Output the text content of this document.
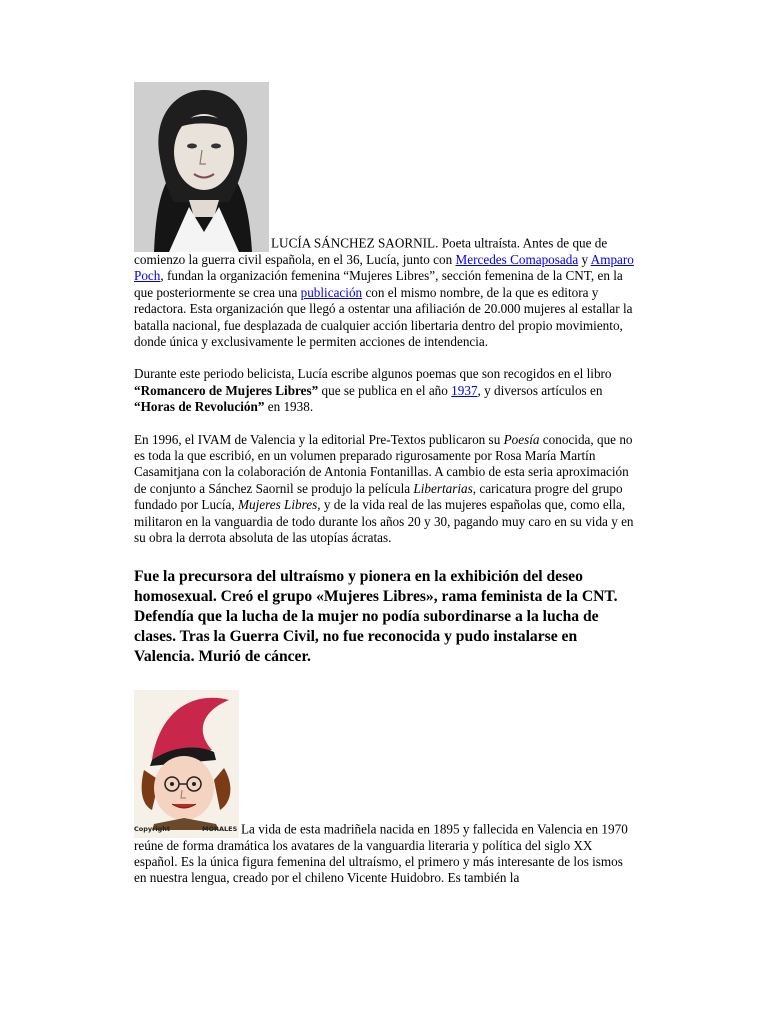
LUCÍA SÁNCHEZ SAORNIL. Poeta ultraísta. Antes de que de comienzo la guerra civil española, en el 36, Lucía, junto con Mercedes Comaposada y Amparo Poch, fundan la organización femenina “Mujeres Libres”, sección femenina de la CNT, en la que posteriormente se crea una publicación con el mismo nombre, de la que es editora y redactora. Esta organización que llegó a ostentar una afiliación de 20.000 mujeres al estallar la batalla nacional, fue desplazada de cualquier acción libertaria dentro del propio movimiento, donde única y exclusivamente le permiten acciones de intendencia.

Durante este periodo belicista, Lucía escribe algunos poemas que son recogidos en el libro “Romancero de Mujeres Libres” que se publica en el año 1937, y diversos artículos en “Horas de Revolución” en 1938.

En 1996, el IVAM de Valencia y la editorial Pre-Textos publicaron su Poesía conocida, que no es toda la que escribió, en un volumen preparado rigurosamente por Rosa María Martín Casamitjana con la colaboración de Antonia Fontanillas. A cambio de esta seria aproximación de conjunto a Sánchez Saornil se produjo la película Libertarias, caricatura progre del grupo fundado por Lucía, Mujeres Libres, y de la vida real de las mujeres españolas que, como ella, militaron en la vanguardia de todo durante los años 20 y 30, pagando muy caro en su vida y en su obra la derrota absoluta de las utopías ácratas.

Fue la precursora del ultraísmo y pionera en la exhibición del deseo homosexual. Creó el grupo «Mujeres Libres», rama feminista de la CNT. Defendía que la lucha de la mujer no podía subordinarse a la lucha de clases. Tras la Guerra Civil, no fue reconocida y pudo instalarse en Valencia. Murió de cáncer.

Copyright	MORALES La vida de esta madriñela nacida en 1895 y fallecida en Valencia en 1970 reúne de forma dramática los avatares de la vanguardia literaria y política del siglo XX español. Es la única figura femenina del ultraísmo, el primero y más interesante de los ismos en nuestra lengua, creado por el chileno Vicente Huidobro. Es también la
